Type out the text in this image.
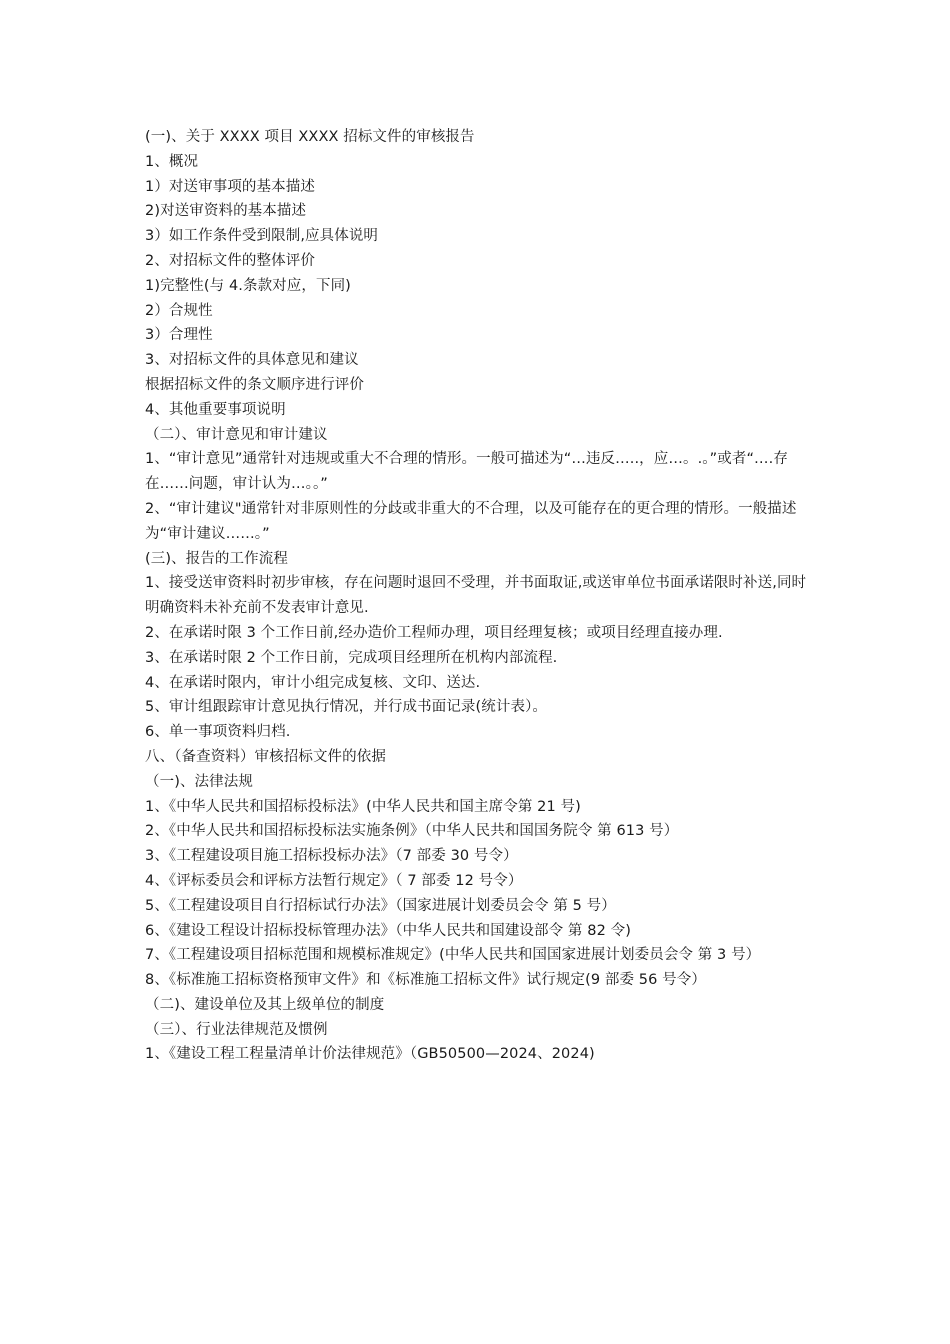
(一)、关于 XXXX 项目 XXXX 招标文件的审核报告

1、概况

1）对送审事项的基本描述

2)对送审资料的基本描述

3）如工作条件受到限制,应具体说明

2、对招标文件的整体评价

1)完整性(与 4.条款对应，下同)

2）合规性

3）合理性

3、对招标文件的具体意见和建议

根据招标文件的条文顺序进行评价

4、其他重要事项说明

（二）、审计意见和审计建议

1、“审计意见”通常针对违规或重大不合理的情形。一般可描述为“…违反…..，应…。.。”或者“….存在……问题，审计认为…。。”

2、“审计建议"通常针对非原则性的分歧或非重大的不合理，以及可能存在的更合理的情形。一般描述为“审计建议……。”

(三)、报告的工作流程

1、接受送审资料时初步审核，存在问题时退回不受理，并书面取证,或送审单位书面承诺限时补送,同时明确资料未补充前不发表审计意见.

2、在承诺时限 3 个工作日前,经办造价工程师办理，项目经理复核；或项目经理直接办理.

3、在承诺时限 2 个工作日前，完成项目经理所在机构内部流程.

4、在承诺时限内，审计小组完成复核、文印、送达.

5、审计组跟踪审计意见执行情况，并行成书面记录(统计表）。

6、单一事项资料归档.

八、（备查资料）审核招标文件的依据

（一)、法律法规

1、《中华人民共和国招标投标法》(中华人民共和国主席令第 21 号)

2、《中华人民共和国招标投标法实施条例》（中华人民共和国国务院令 第 613 号）

3、《工程建设项目施工招标投标办法》（7 部委 30 号令）

4、《评标委员会和评标方法暂行规定》（ 7 部委 12 号令）

5、《工程建设项目自行招标试行办法》（国家进展计划委员会令 第 5 号）

6、《建设工程设计招标投标管理办法》（中华人民共和国建设部令 第 82 令)

7、《工程建设项目招标范围和规模标准规定》(中华人民共和国国家进展计划委员会令 第 3 号）

8、《标准施工招标资格预审文件》和《标准施工招标文件》试行规定(9 部委 56 号令）

（二)、建设单位及其上级单位的制度

（三）、行业法律规范及惯例

1、《建设工程工程量清单计价法律规范》（GB50500—2024、2024)
